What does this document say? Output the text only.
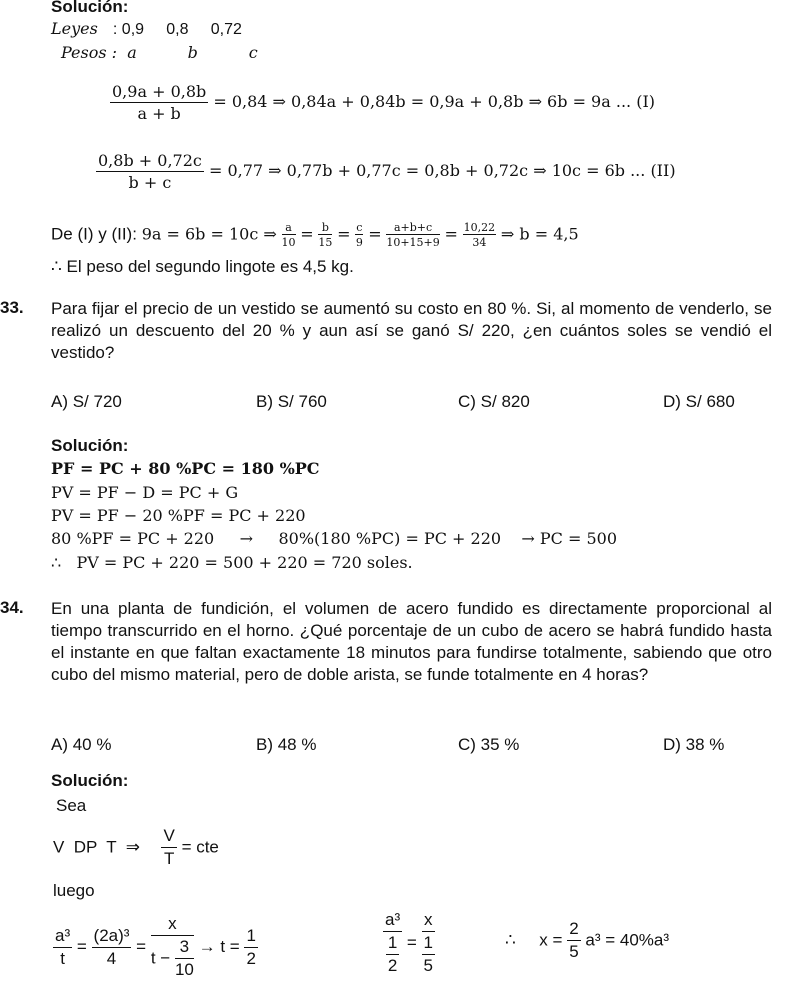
Solución:
Leyes : 0,9     0,8     0,72
Pesos :  a          b          c
$\frac{0,9a + 0,8b}{a + b} = 0,84$ ⇒ 0,84a + 0,84b = 0,9a + 0,8b ⇒ 6b = 9a ... (I)
$\frac{0,8b + 0,72c}{b + c} = 0,77$ ⇒ 0,77b + 0,77c = 0,8b + 0,72c ⇒ 10c = 6b ... (II)
De (I) y (II): 9a = 6b = 10c ⇒ $\frac{a}{10} = \frac{b}{15} = \frac{c}{9} = \frac{a+b+c}{10+15+9} = \frac{10,22}{34}$ ⇒ b = 4,5
∴ El peso del segundo lingote es 4,5 kg.
33. Para fijar el precio de un vestido se aumentó su costo en 80 %. Si, al momento de venderlo, se realizó un descuento del 20 % y aun así se ganó S/ 220, ¿en cuántos soles se vendió el vestido?
A) S/ 720	B) S/ 760	C) S/ 820	D) S/ 680
Solución:
PF = PC + 80 %PC = 180 %PC
PV = PF − D = PC + G
PV = PF − 20 %PF = PC + 220
80 %PF = PC + 220     →     80%(180 %PC) = PC + 220    → PC = 500
∴   PV = PC + 220 = 500 + 220 = 720 soles.
34. En una planta de fundición, el volumen de acero fundido es directamente proporcional al tiempo transcurrido en el horno. ¿Qué porcentaje de un cubo de acero se habrá fundido hasta el instante en que faltan exactamente 18 minutos para fundirse totalmente, sabiendo que otro cubo del mismo material, pero de doble arista, se funde totalmente en 4 horas?
A) 40 %	B) 48 %	C) 35 %	D) 38 %
Solución:
Sea
V  DP  T  ⇒ $\frac{V}{T}$ = cte
luego
$\frac{\text{a³}}{t} = \frac{\text{(2a)³}}{4} = \frac{x}{t - \frac{3}{10}} \to t = \frac{1}{2}$	$\frac{\text{a³}}{\frac{1}{2}} = \frac{x}{\frac{1}{5}}$	∴ $x = \frac{2}{5} a^3 = 40\%a^3$
